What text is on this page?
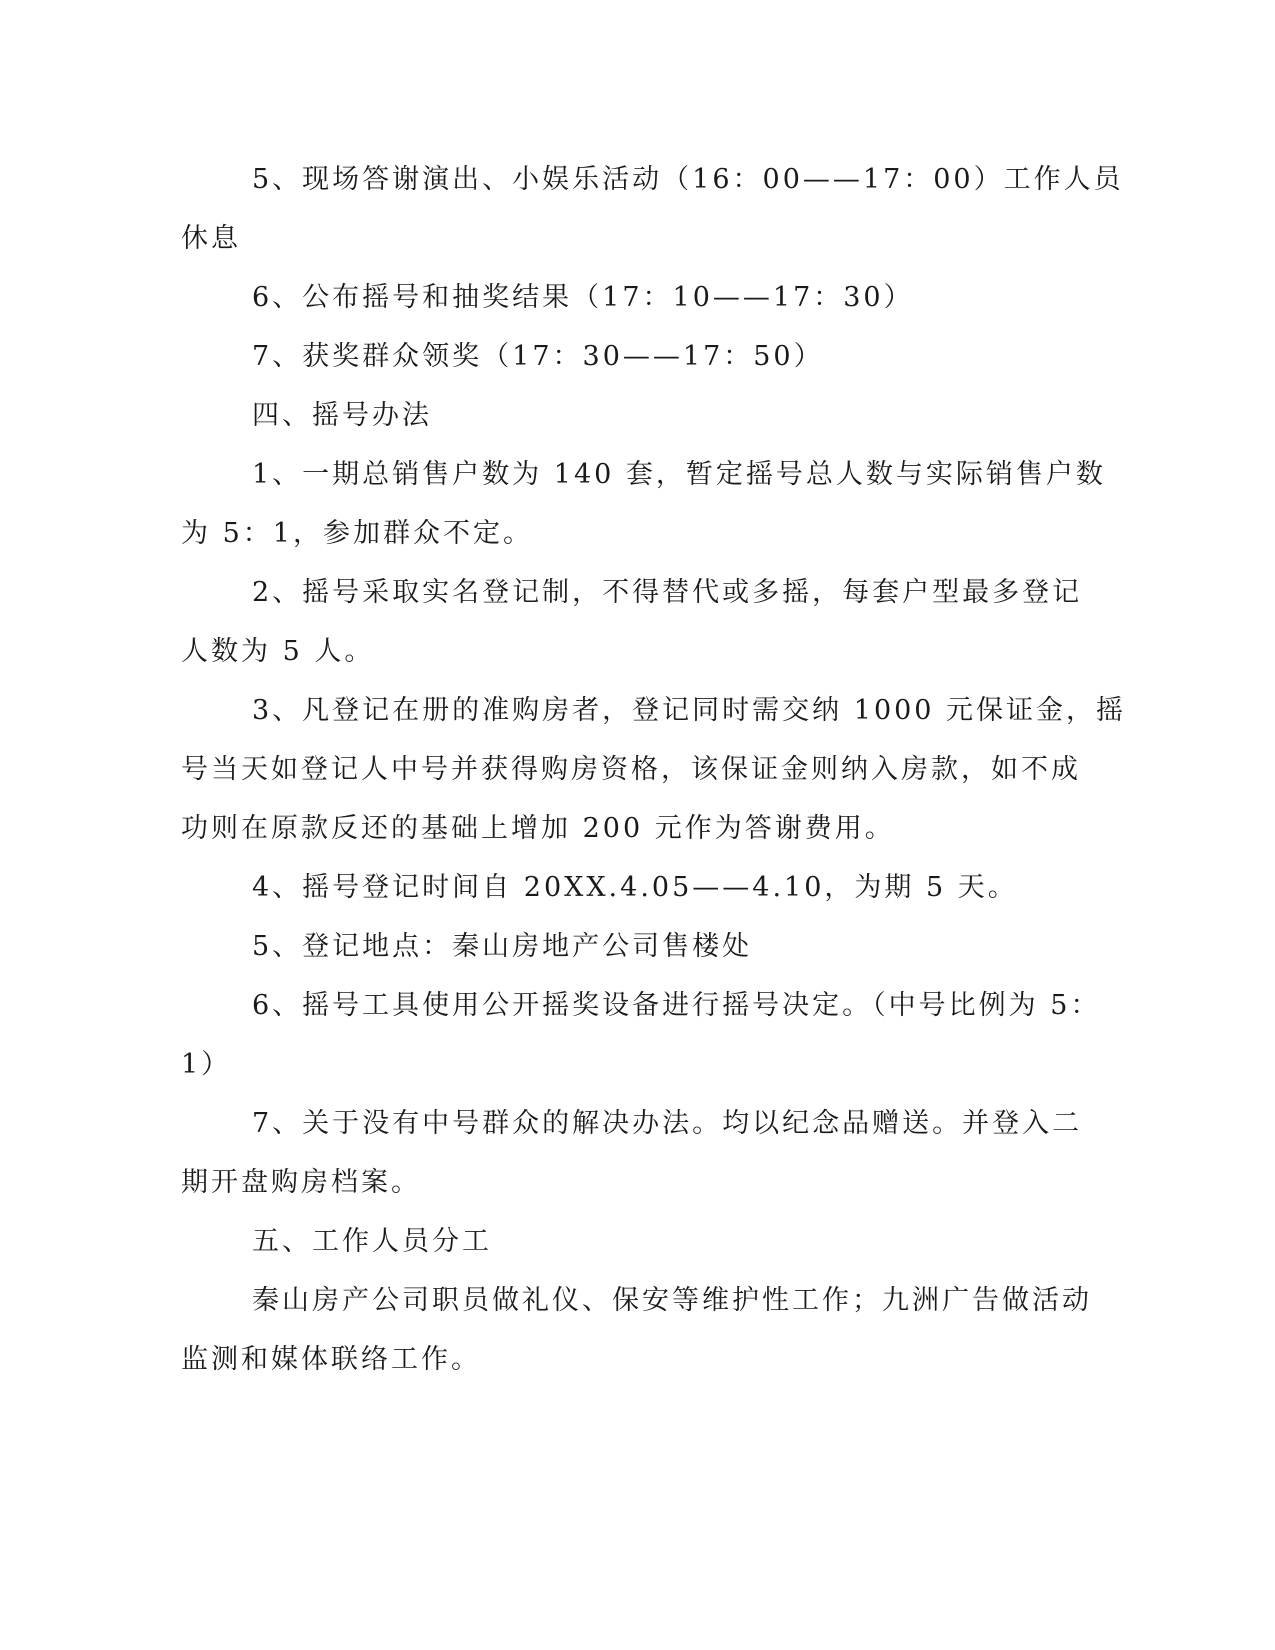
5、现场答谢演出、小娱乐活动（16：00——17：00）工作人员
休息
6、公布摇号和抽奖结果（17：10——17：30）
7、获奖群众领奖（17：30——17：50）
四、摇号办法
1、一期总销售户数为 140 套，暂定摇号总人数与实际销售户数
为 5：1，参加群众不定。
2、摇号采取实名登记制，不得替代或多摇，每套户型最多登记
人数为 5 人。
3、凡登记在册的准购房者，登记同时需交纳 1000 元保证金，摇
号当天如登记人中号并获得购房资格，该保证金则纳入房款，如不成
功则在原款反还的基础上增加 200 元作为答谢费用。
4、摇号登记时间自 20XX.4.05——4.10，为期 5 天。
5、登记地点：秦山房地产公司售楼处
6、摇号工具使用公开摇奖设备进行摇号决定。（中号比例为 5：
1）
7、关于没有中号群众的解决办法。均以纪念品赠送。并登入二
期开盘购房档案。
五、工作人员分工
秦山房产公司职员做礼仪、保安等维护性工作；九洲广告做活动
监测和媒体联络工作。
